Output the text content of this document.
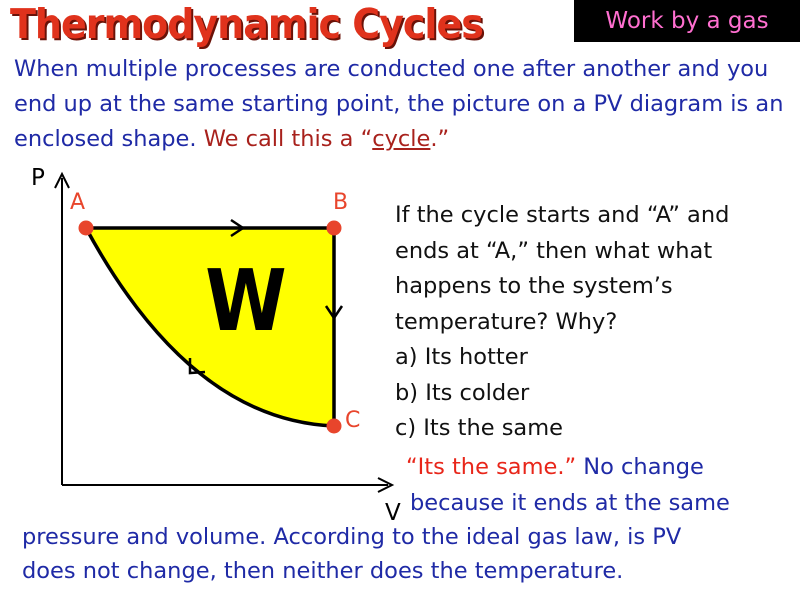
Thermodynamic Cycles	Work by a gas
When multiple processes are conducted one after another and you end up at the same starting point, the picture on a PV diagram is an enclosed shape. We call this a “cycle.”
P
V
A	B
C
W
If the cycle starts and “A” and
ends at “A,” then what what
happens to the system’s
temperature? Why?
a) Its hotter
b) Its colder
c) Its the same
“Its the same.” No change
because it ends at the same
pressure and volume. According to the ideal gas law, is PV
does not change, then neither does the temperature.
